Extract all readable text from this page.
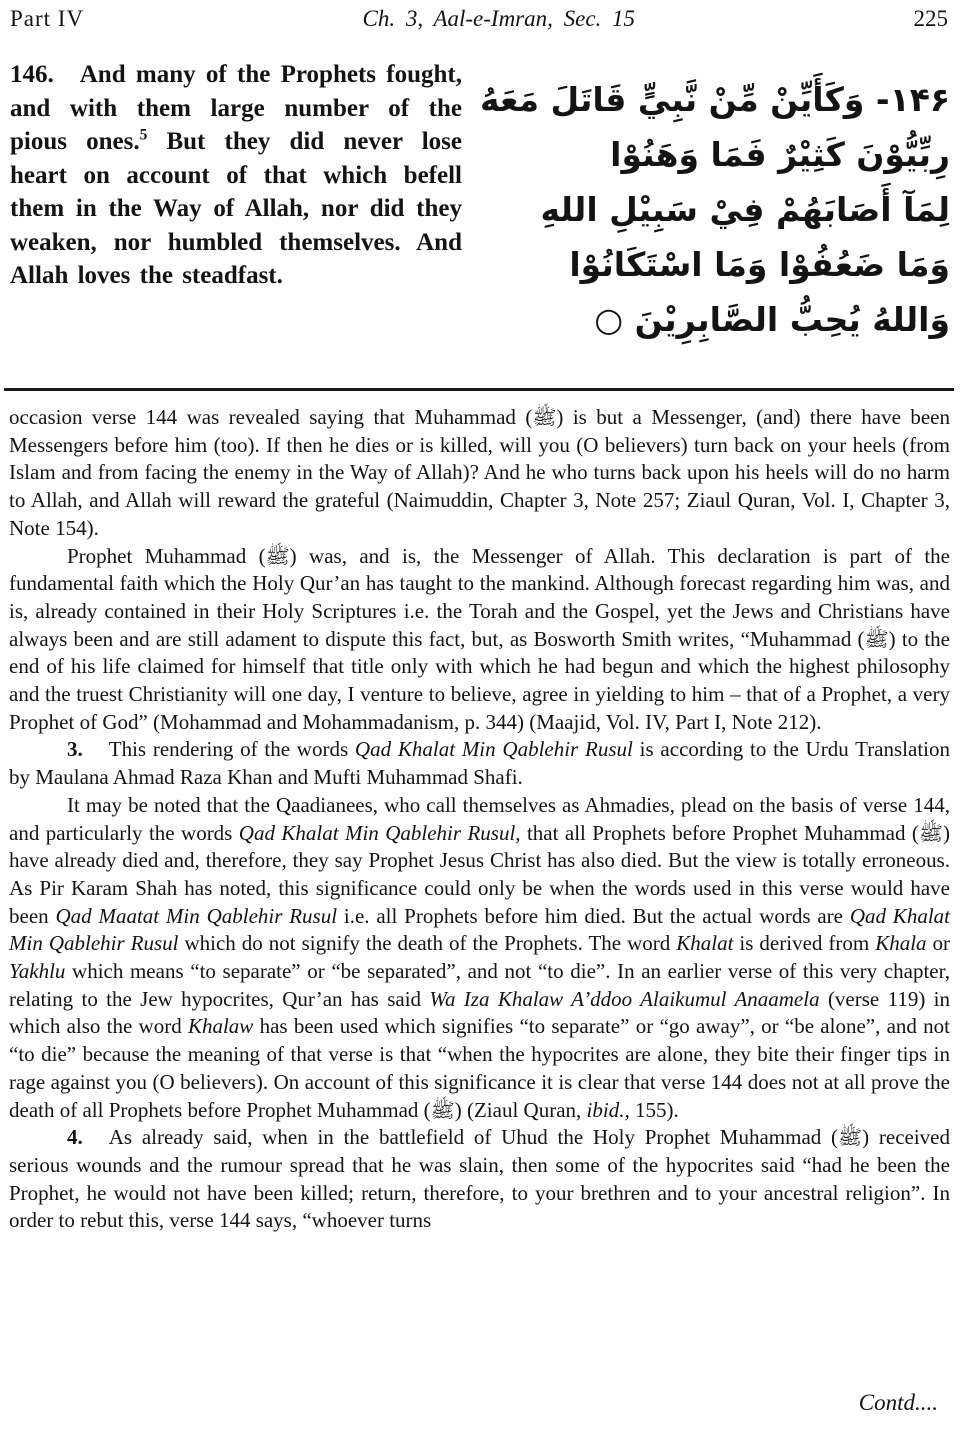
Part IV	Ch. 3, Aal-e-Imran, Sec. 15	225
146. And many of the Prophets fought, and with them large number of the pious ones.$^5$ But they did never lose heart on account of that which befell them in the Way of Allah, nor did they weaken, nor humbled themselves. And Allah loves the steadfast.
۱۴۶- وَكَأَيِّنْ مِّنْ نَّبِيٍّ قَاتَلَ مَعَهُ
رِبِّيُّوْنَ كَثِيْرٌ فَمَا وَهَنُوْا
لِمَآ أَصَابَهُمْ فِيْ سَبِيْلِ اللهِ
وَمَا ضَعُفُوْا وَمَا اسْتَكَانُوْا
وَاللهُ يُحِبُّ الصَّابِرِيْنَ ○

occasion verse 144 was revealed saying that Muhammad (ﷺ) is but a Messenger, (and) there have been Messengers before him (too). If then he dies or is killed, will you (O believers) turn back on your heels (from Islam and from facing the enemy in the Way of Allah)? And he who turns back upon his heels will do no harm to Allah, and Allah will reward the grateful (Naimuddin, Chapter 3, Note 257; Ziaul Quran, Vol. I, Chapter 3, Note 154).

Prophet Muhammad (ﷺ) was, and is, the Messenger of Allah. This declaration is part of the fundamental faith which the Holy Qur’an has taught to the mankind. Although forecast regarding him was, and is, already contained in their Holy Scriptures i.e. the Torah and the Gospel, yet the Jews and Christians have always been and are still adament to dispute this fact, but, as Bosworth Smith writes, “Muhammad (ﷺ) to the end of his life claimed for himself that title only with which he had begun and which the highest philosophy and the truest Christianity will one day, I venture to believe, agree in yielding to him – that of a Prophet, a very Prophet of God” (Mohammad and Mohammadanism, p. 344) (Maajid, Vol. IV, Part I, Note 212).

3. This rendering of the words Qad Khalat Min Qablehir Rusul is according to the Urdu Translation by Maulana Ahmad Raza Khan and Mufti Muhammad Shafi.

It may be noted that the Qaadianees, who call themselves as Ahmadies, plead on the basis of verse 144, and particularly the words Qad Khalat Min Qablehir Rusul, that all Prophets before Prophet Muhammad (ﷺ) have already died and, therefore, they say Prophet Jesus Christ has also died. But the view is totally erroneous. As Pir Karam Shah has noted, this significance could only be when the words used in this verse would have been Qad Maatat Min Qablehir Rusul i.e. all Prophets before him died. But the actual words are Qad Khalat Min Qablehir Rusul which do not signify the death of the Prophets. The word Khalat is derived from Khala or Yakhlu which means “to separate” or “be separated”, and not “to die”. In an earlier verse of this very chapter, relating to the Jew hypocrites, Qur’an has said Wa Iza Khalaw A’ddoo Alaikumul Anaamela (verse 119) in which also the word Khalaw has been used which signifies “to separate” or “go away”, or “be alone”, and not “to die” because the meaning of that verse is that “when the hypocrites are alone, they bite their finger tips in rage against you (O believers). On account of this significance it is clear that verse 144 does not at all prove the death of all Prophets before Prophet Muhammad (ﷺ) (Ziaul Quran, ibid., 155).

4. As already said, when in the battlefield of Uhud the Holy Prophet Muhammad (ﷺ) received serious wounds and the rumour spread that he was slain, then some of the hypocrites said “had he been the Prophet, he would not have been killed; return, therefore, to your brethren and to your ancestral religion”. In order to rebut this, verse 144 says, “whoever turns

Contd....
